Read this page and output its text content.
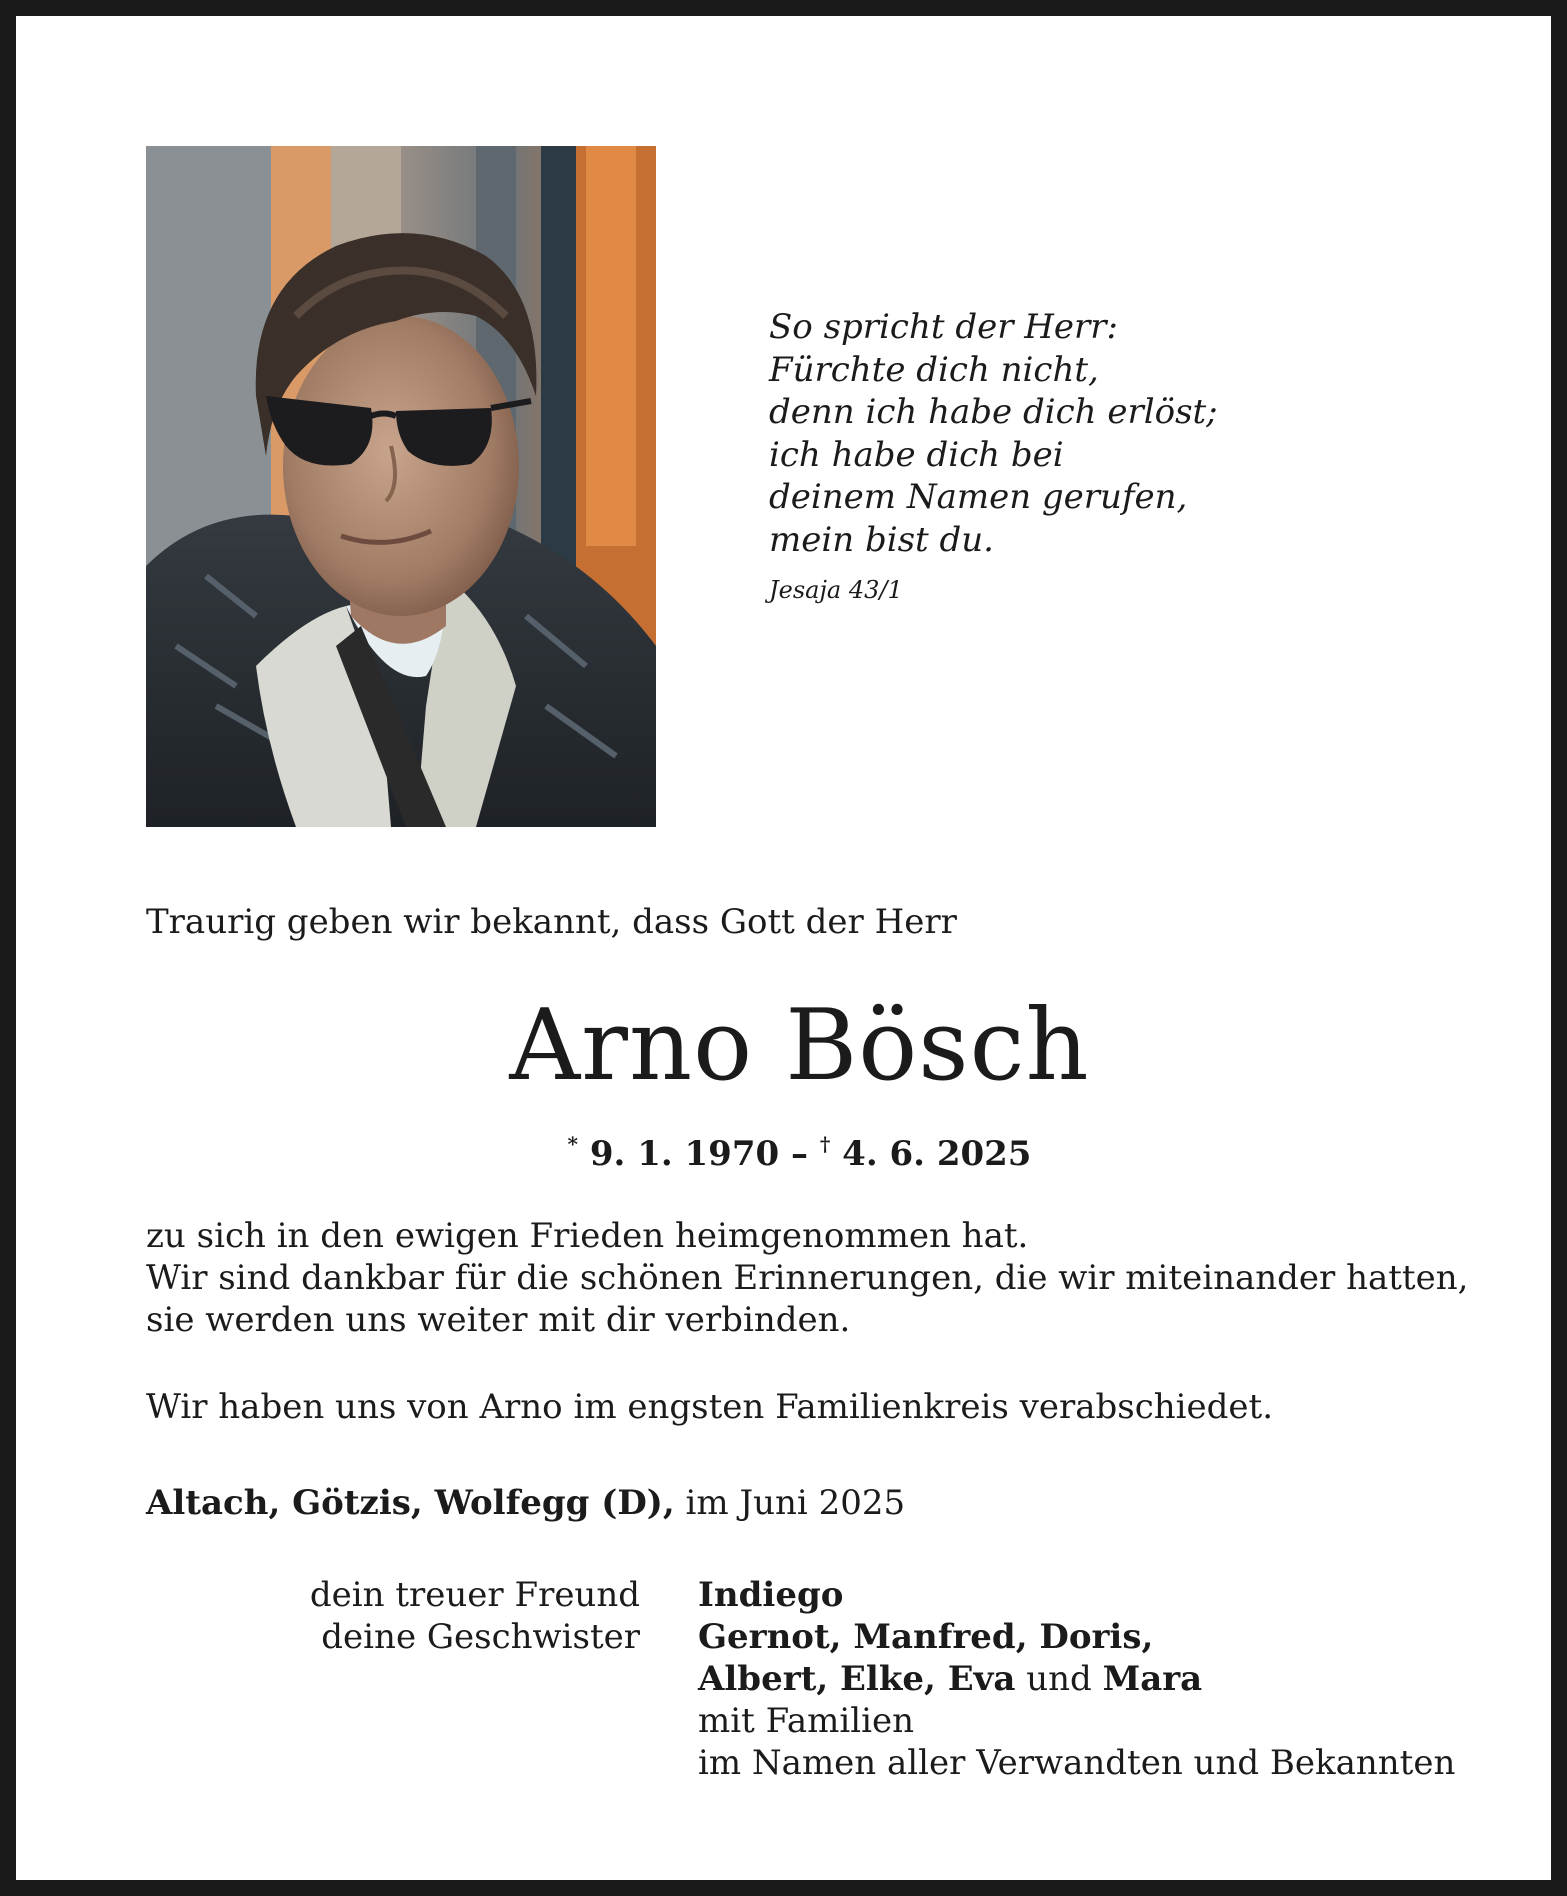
So spricht der Herr:
Fürchte dich nicht,
denn ich habe dich erlöst;
ich habe dich bei
deinem Namen gerufen,
mein bist du.
Jesaja 43/1
Traurig geben wir bekannt, dass Gott der Herr
Arno Bösch
* 9. 1. 1970 – † 4. 6. 2025
zu sich in den ewigen Frieden heimgenommen hat.
Wir sind dankbar für die schönen Erinnerungen, die wir miteinander hatten,
sie werden uns weiter mit dir verbinden.
Wir haben uns von Arno im engsten Familienkreis verabschiedet.
Altach, Götzis, Wolfegg (D), im Juni 2025
dein treuer Freund
deine Geschwister
Indiego
Gernot, Manfred, Doris,
Albert, Elke, Eva und Mara
mit Familien
im Namen aller Verwandten und Bekannten
